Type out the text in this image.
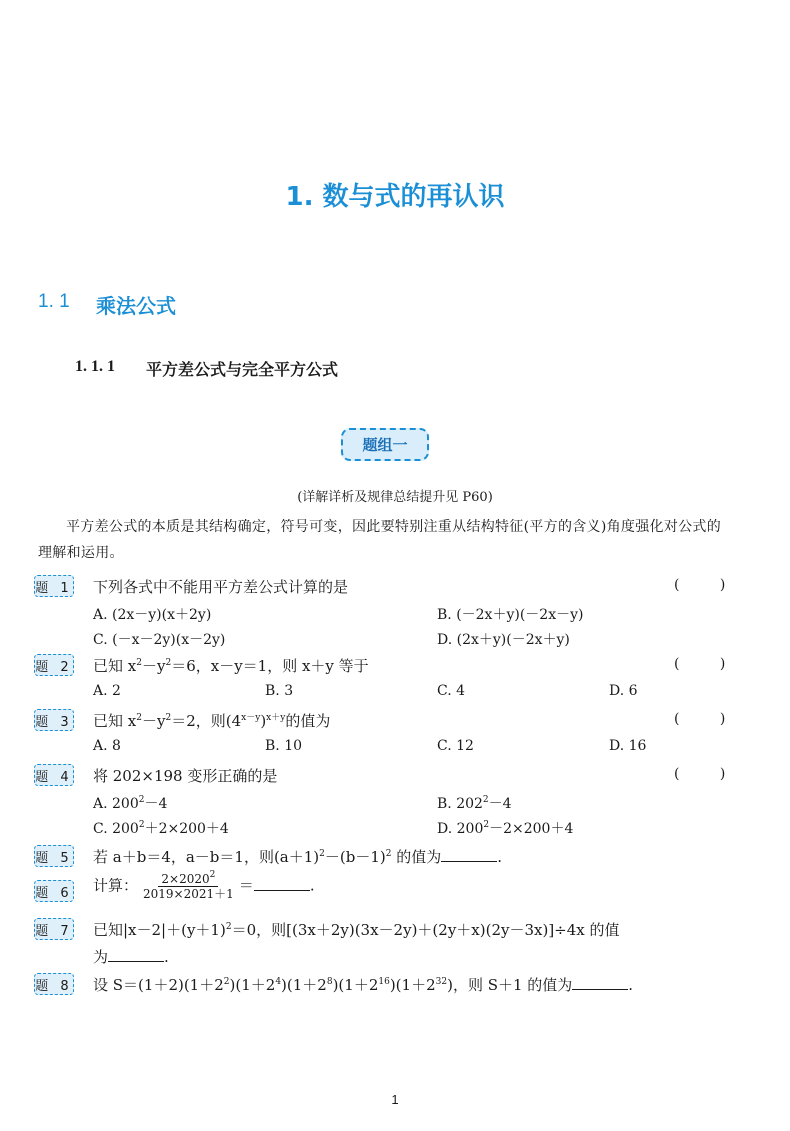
1. 数与式的再认识
1. 1 乘法公式
1. 1. 1 平方差公式与完全平方公式
题组一
(详解详析及规律总结提升见 P60)
平方差公式的本质是其结构确定，符号可变，因此要特别注重从结构特征(平方的含义)角度强化对公式的理解和运用。
题 1 下列各式中不能用平方差公式计算的是	( )
A. (2x－y)(x＋2y)	B. (－2x＋y)(－2x－y)
C. (－x－2y)(x－2y)	D. (2x＋y)(－2x＋y)
题 2 已知 $x^2-y^2=6$，x－y＝1，则 x＋y 等于	( )
A. 2	B. 3	C. 4	D. 6
题 3 已知 $x^2-y^2=2$，则$(4^{x-y})^{x+y}$的值为	( )
A. 8	B. 10	C. 12	D. 16
题 4 将 202×198 变形正确的是	( )
A. $200^2-4$	B. $202^2-4$
C. $200^2+2\times 200+4$	D. $200^2-2\times 200+4$
题 5 若 a＋b＝4，a－b＝1，则$(a+1)^2-(b-1)^2$ 的值为	.
题 6 计算： $\frac{2\times 2020^2}{2019\times 2021+1}$ ＝	.
题 7 已知$|x-2|+(y+1)^2=0$，则[(3x＋2y)(3x－2y)＋(2y＋x)(2y－3x)]÷4x 的值
为	.
题 8 设 $S=(1+2)(1+2^2)(1+2^4)(1+2^8)(1+2^{16})(1+2^{32})$，则 S＋1 的值为	.
1
